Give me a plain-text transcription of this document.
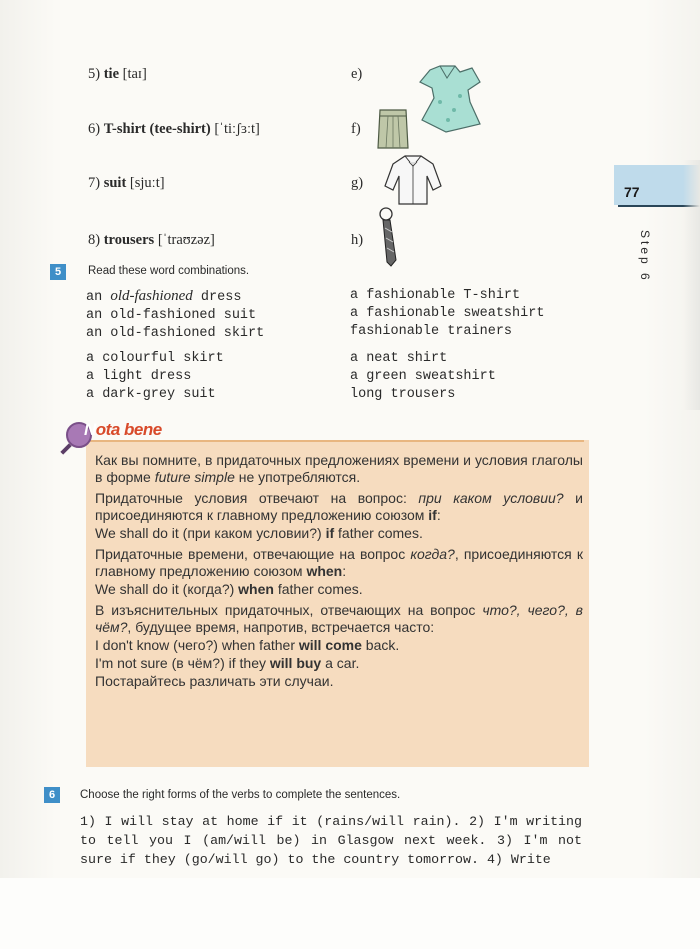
5) tie [taɪ]	e)
6) T-shirt (tee-shirt) [ˈtiːʃɜːt]	f)
7) suit [sjuːt]	g)
8) trousers [ˈtraʊzəz]	h)
77
Step 6
5	Read these word combinations.
an old-fashioned dress
an old-fashioned suit
an old-fashioned skirt
a fashionable T-shirt
a fashionable sweatshirt
fashionable trainers
a colourful skirt
a light dress
a dark-grey suit
a neat shirt
a green sweatshirt
long trousers
Nota bene

Как вы помните, в придаточных предложениях времени и условия глаголы в форме future simple не употребляются.

Придаточные условия отвечают на вопрос: при каком условии? и присоединяются к главному предложению союзом if:

We shall do it (при каком условии?) if father comes.

Придаточные времени, отвечающие на вопрос когда?, присоединяются к главному предложению союзом when:

We shall do it (когда?) when father comes.

В изъяснительных придаточных, отвечающих на вопрос что?, чего?, в чём?, будущее время, напротив, встречается часто:

I don't know (чего?) when father will come back.

I'm not sure (в чём?) if they will buy a car.

Постарайтесь различать эти случаи.

6	Choose the right forms of the verbs to complete the sentences.
1) I will stay at home if it (rains/will rain). 2) I'm writing to tell you I (am/will be) in Glasgow next week. 3) I'm not sure if they (go/will go) to the country tomorrow. 4) Write
